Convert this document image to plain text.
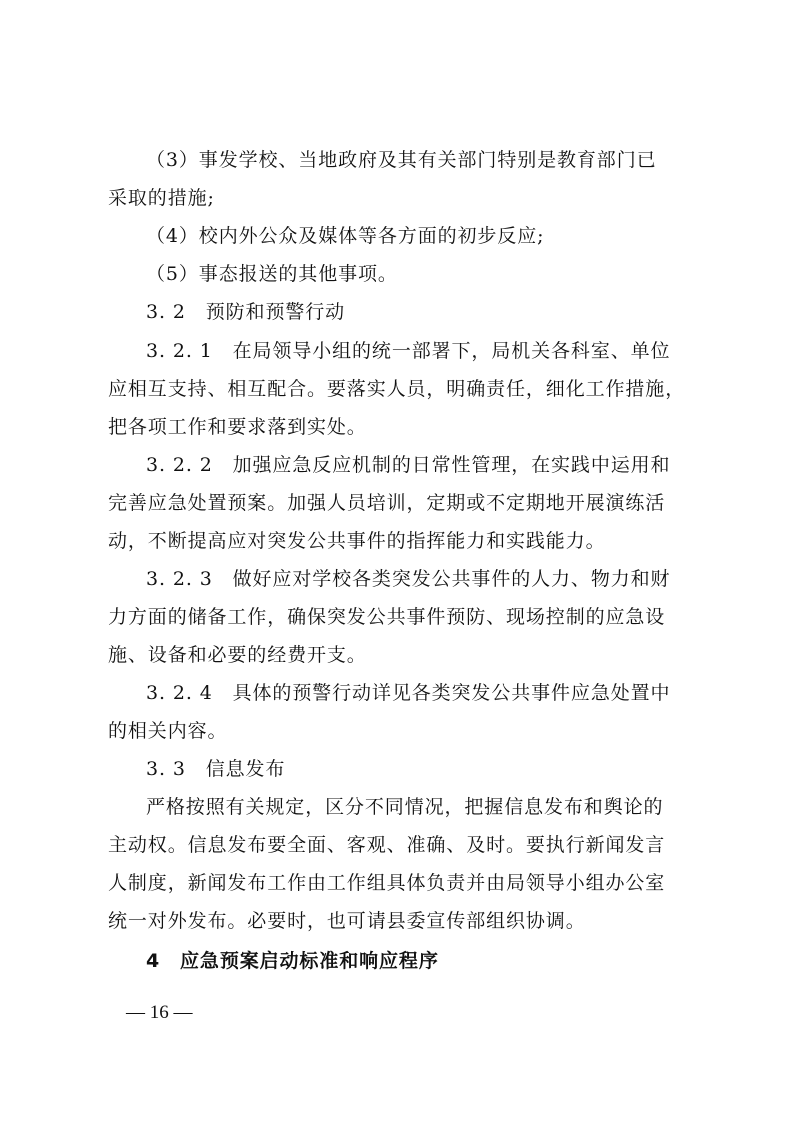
（3）事发学校、当地政府及其有关部门特别是教育部门已
采取的措施;
（4）校内外公众及媒体等各方面的初步反应;
（5）事态报送的其他事项。
3. 2　预防和预警行动
3. 2. 1　在局领导小组的统一部署下，局机关各科室、单位
应相互支持、相互配合。要落实人员，明确责任，细化工作措施，
把各项工作和要求落到实处。
3. 2. 2　加强应急反应机制的日常性管理，在实践中运用和
完善应急处置预案。加强人员培训，定期或不定期地开展演练活
动，不断提高应对突发公共事件的指挥能力和实践能力。
3. 2. 3　做好应对学校各类突发公共事件的人力、物力和财
力方面的储备工作，确保突发公共事件预防、现场控制的应急设
施、设备和必要的经费开支。
3. 2. 4　具体的预警行动详见各类突发公共事件应急处置中
的相关内容。
3. 3　信息发布
严格按照有关规定，区分不同情况，把握信息发布和舆论的
主动权。信息发布要全面、客观、准确、及时。要执行新闻发言
人制度，新闻发布工作由工作组具体负责并由局领导小组办公室
统一对外发布。必要时，也可请县委宣传部组织协调。
4　应急预案启动标准和响应程序
— 16 —
